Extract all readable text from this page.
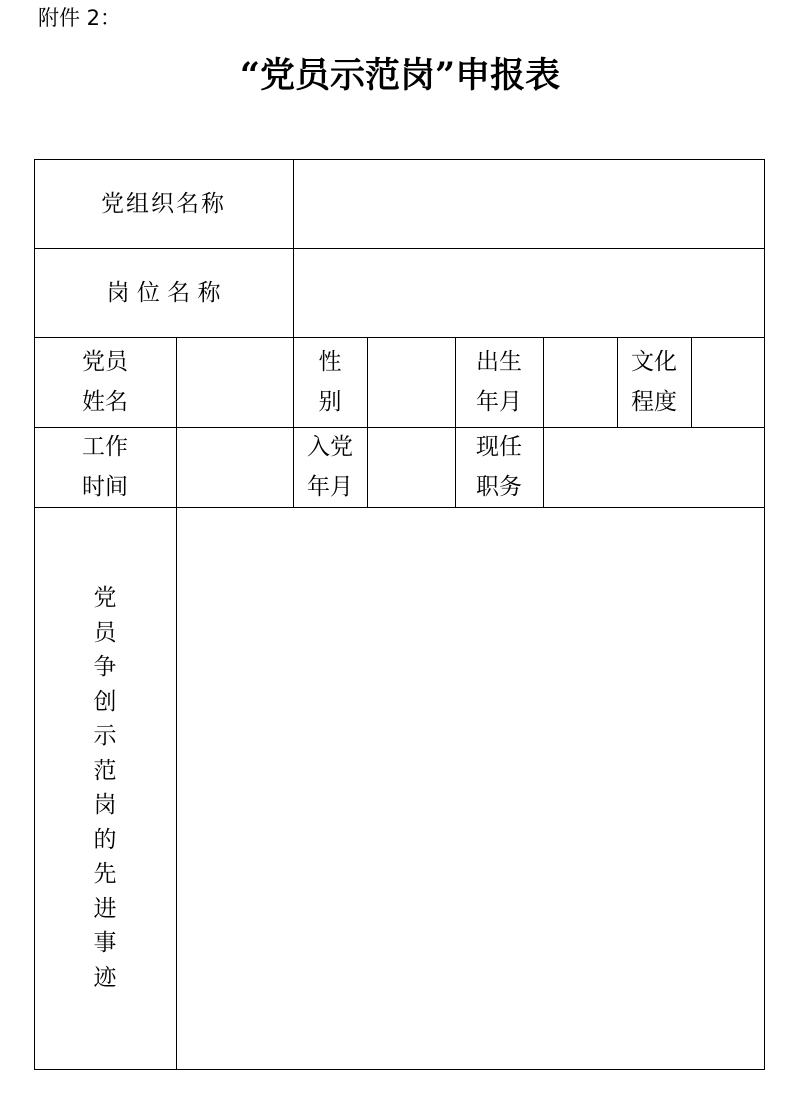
附件 2：
“党员示范岗”申报表
党组织名称
岗 位 名 称
党员
姓名
性
别
出生
年月
文化
程度
工作
时间
入党
年月
现任
职务
党
员
争
创
示
范
岗
的
先
进
事
迹
